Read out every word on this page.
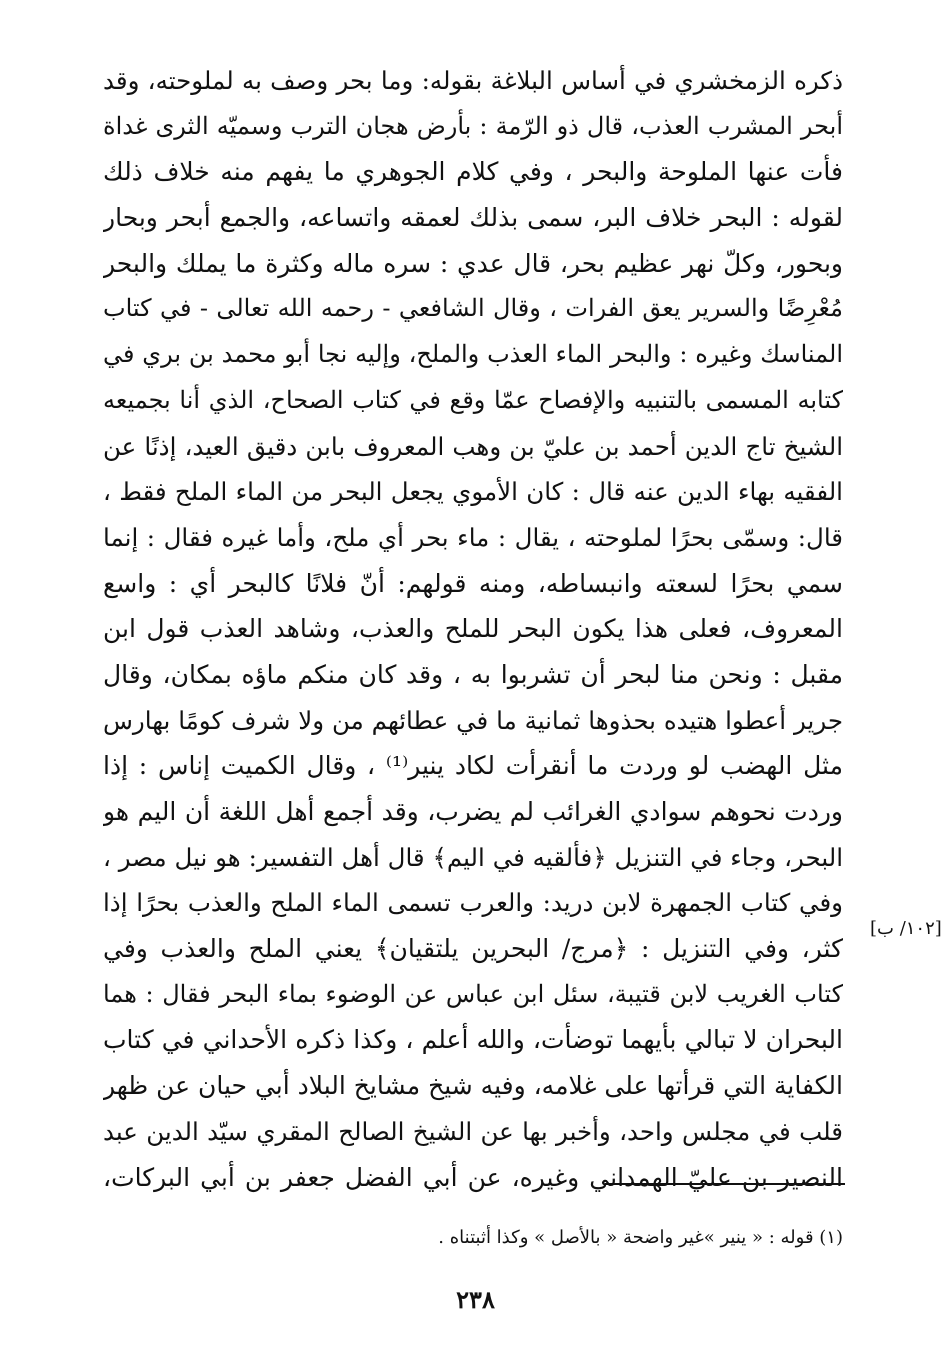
ذكره الزمخشري في أساس البلاغة بقوله: وما بحر وصف به لملوحته، وقد
أبحر المشرب العذب، قال ذو الرّمة : بأرض هجان الترب وسميّه الثرى غداة
فأت عنها الملوحة والبحر ، وفي كلام الجوهري ما يفهم منه خلاف ذلك
لقوله : البحر خلاف البر، سمى بذلك لعمقه واتساعه، والجمع أبحر وبحار
وبحور، وكلّ نهر عظيم بحر، قال عدي : سره ماله وكثرة ما يملك والبحر
مُعْرِضًا والسرير يعق الفرات ، وقال الشافعي - رحمه الله تعالى - في كتاب
المناسك وغيره : والبحر الماء العذب والملح، وإليه نجا أبو محمد بن بري في
كتابه المسمى بالتنبيه والإفصاح عمّا وقع في كتاب الصحاح، الذي أنا بجميعه
الشيخ تاج الدين أحمد بن عليّ بن وهب المعروف بابن دقيق العيد، إذنًا عن
الفقيه بهاء الدين عنه قال : كان الأموي يجعل البحر من الماء الملح فقط ،
قال: وسمّى بحرًا لملوحته ، يقال : ماء بحر أي ملح، وأما غيره فقال : إنما
سمي بحرًا لسعته وانبساطه، ومنه قولهم: أنّ فلانًا كالبحر أي : واسع
المعروف، فعلى هذا يكون البحر للملح والعذب، وشاهد العذب قول ابن
مقبل : ونحن منا لبحر أن تشربوا به ، وقد كان منكم ماؤه بمكان، وقال
جرير أعطوا هتيده بحذوها ثمانية ما في عطائهم من ولا شرف كومًا بهارس
مثل الهضب لو وردت ما أنقرأت لكاد ينير⁽¹⁾ ، وقال الكميت إناس : إذا
وردت نحوهم سوادي الغرائب لم يضرب، وقد أجمع أهل اللغة أن اليم هو
البحر، وجاء في التنزيل ﴿فألقيه في اليم﴾ قال أهل التفسير: هو نيل مصر ،
وفي كتاب الجمهرة لابن دريد: والعرب تسمى الماء الملح والعذب بحرًا إذا
كثر، وفي التنزيل : ﴿مرج/ البحرين يلتقيان﴾ يعني الملح والعذب وفي
كتاب الغريب لابن قتيبة، سئل ابن عباس عن الوضوء بماء البحر فقال : هما
البحران لا تبالي بأيهما توضأت، والله أعلم ، وكذا ذكره الأحداني في كتاب
الكفاية التي قرأتها على غلامه، وفيه شيخ مشايخ البلاد أبي حيان عن ظهر
قلب في مجلس واحد، وأخبر بها عن الشيخ الصالح المقري سيّد الدين عبد
النصير بن عليّ الهمداني وغيره، عن أبي الفضل جعفر بن أبي البركات،
[١٠٢/ ب]
(١) قوله : « ينير »غير واضحة « بالأصل » وكذا أثبتناه .
٢٣٨
